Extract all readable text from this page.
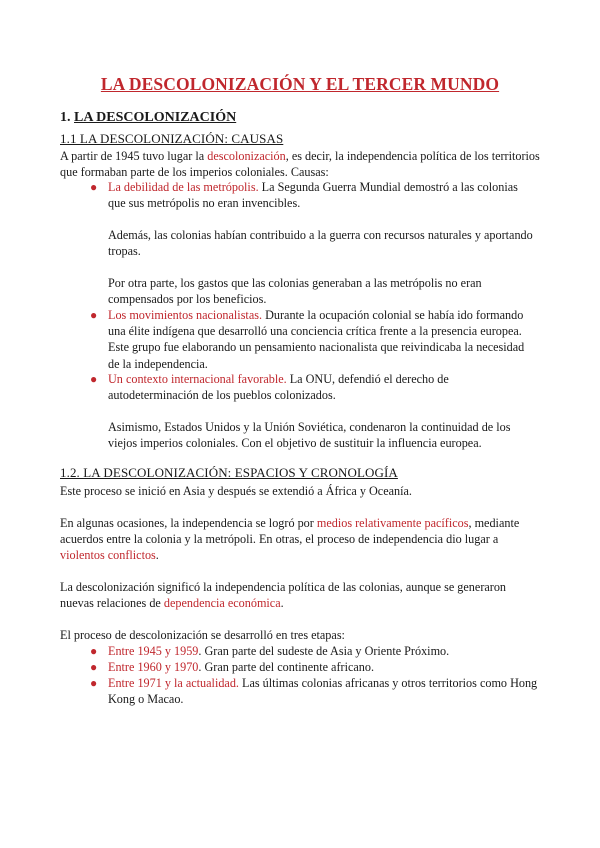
LA DESCOLONIZACIÓN Y EL TERCER MUNDO
1. LA DESCOLONIZACIÓN
1.1 LA DESCOLONIZACIÓN: CAUSAS
A partir de 1945 tuvo lugar la descolonización, es decir, la independencia política de los territorios que formaban parte de los imperios coloniales. Causas:
● La debilidad de las metrópolis. La Segunda Guerra Mundial demostró a las colonias que sus metrópolis no eran invencibles.
Además, las colonias habían contribuido a la guerra con recursos naturales y aportando tropas.
Por otra parte, los gastos que las colonias generaban a las metrópolis no eran compensados por los beneficios.
● Los movimientos nacionalistas. Durante la ocupación colonial se había ido formando una élite indígena que desarrolló una conciencia crítica frente a la presencia europea. Este grupo fue elaborando un pensamiento nacionalista que reivindicaba la necesidad de la independencia.
● Un contexto internacional favorable. La ONU, defendió el derecho de autodeterminación de los pueblos colonizados.
Asimismo, Estados Unidos y la Unión Soviética, condenaron la continuidad de los viejos imperios coloniales. Con el objetivo de sustituir la influencia europea.
1.2. LA DESCOLONIZACIÓN: ESPACIOS Y CRONOLOGÍA
Este proceso se inició en Asia y después se extendió a África y Oceanía.
En algunas ocasiones, la independencia se logró por medios relativamente pacíficos, mediante acuerdos entre la colonia y la metrópoli. En otras, el proceso de independencia dio lugar a violentos conflictos.
La descolonización significó la independencia política de las colonias, aunque se generaron nuevas relaciones de dependencia económica.
El proceso de descolonización se desarrolló en tres etapas:
● Entre 1945 y 1959. Gran parte del sudeste de Asia y Oriente Próximo.
● Entre 1960 y 1970. Gran parte del continente africano.
● Entre 1971 y la actualidad. Las últimas colonias africanas y otros territorios como Hong Kong o Macao.
